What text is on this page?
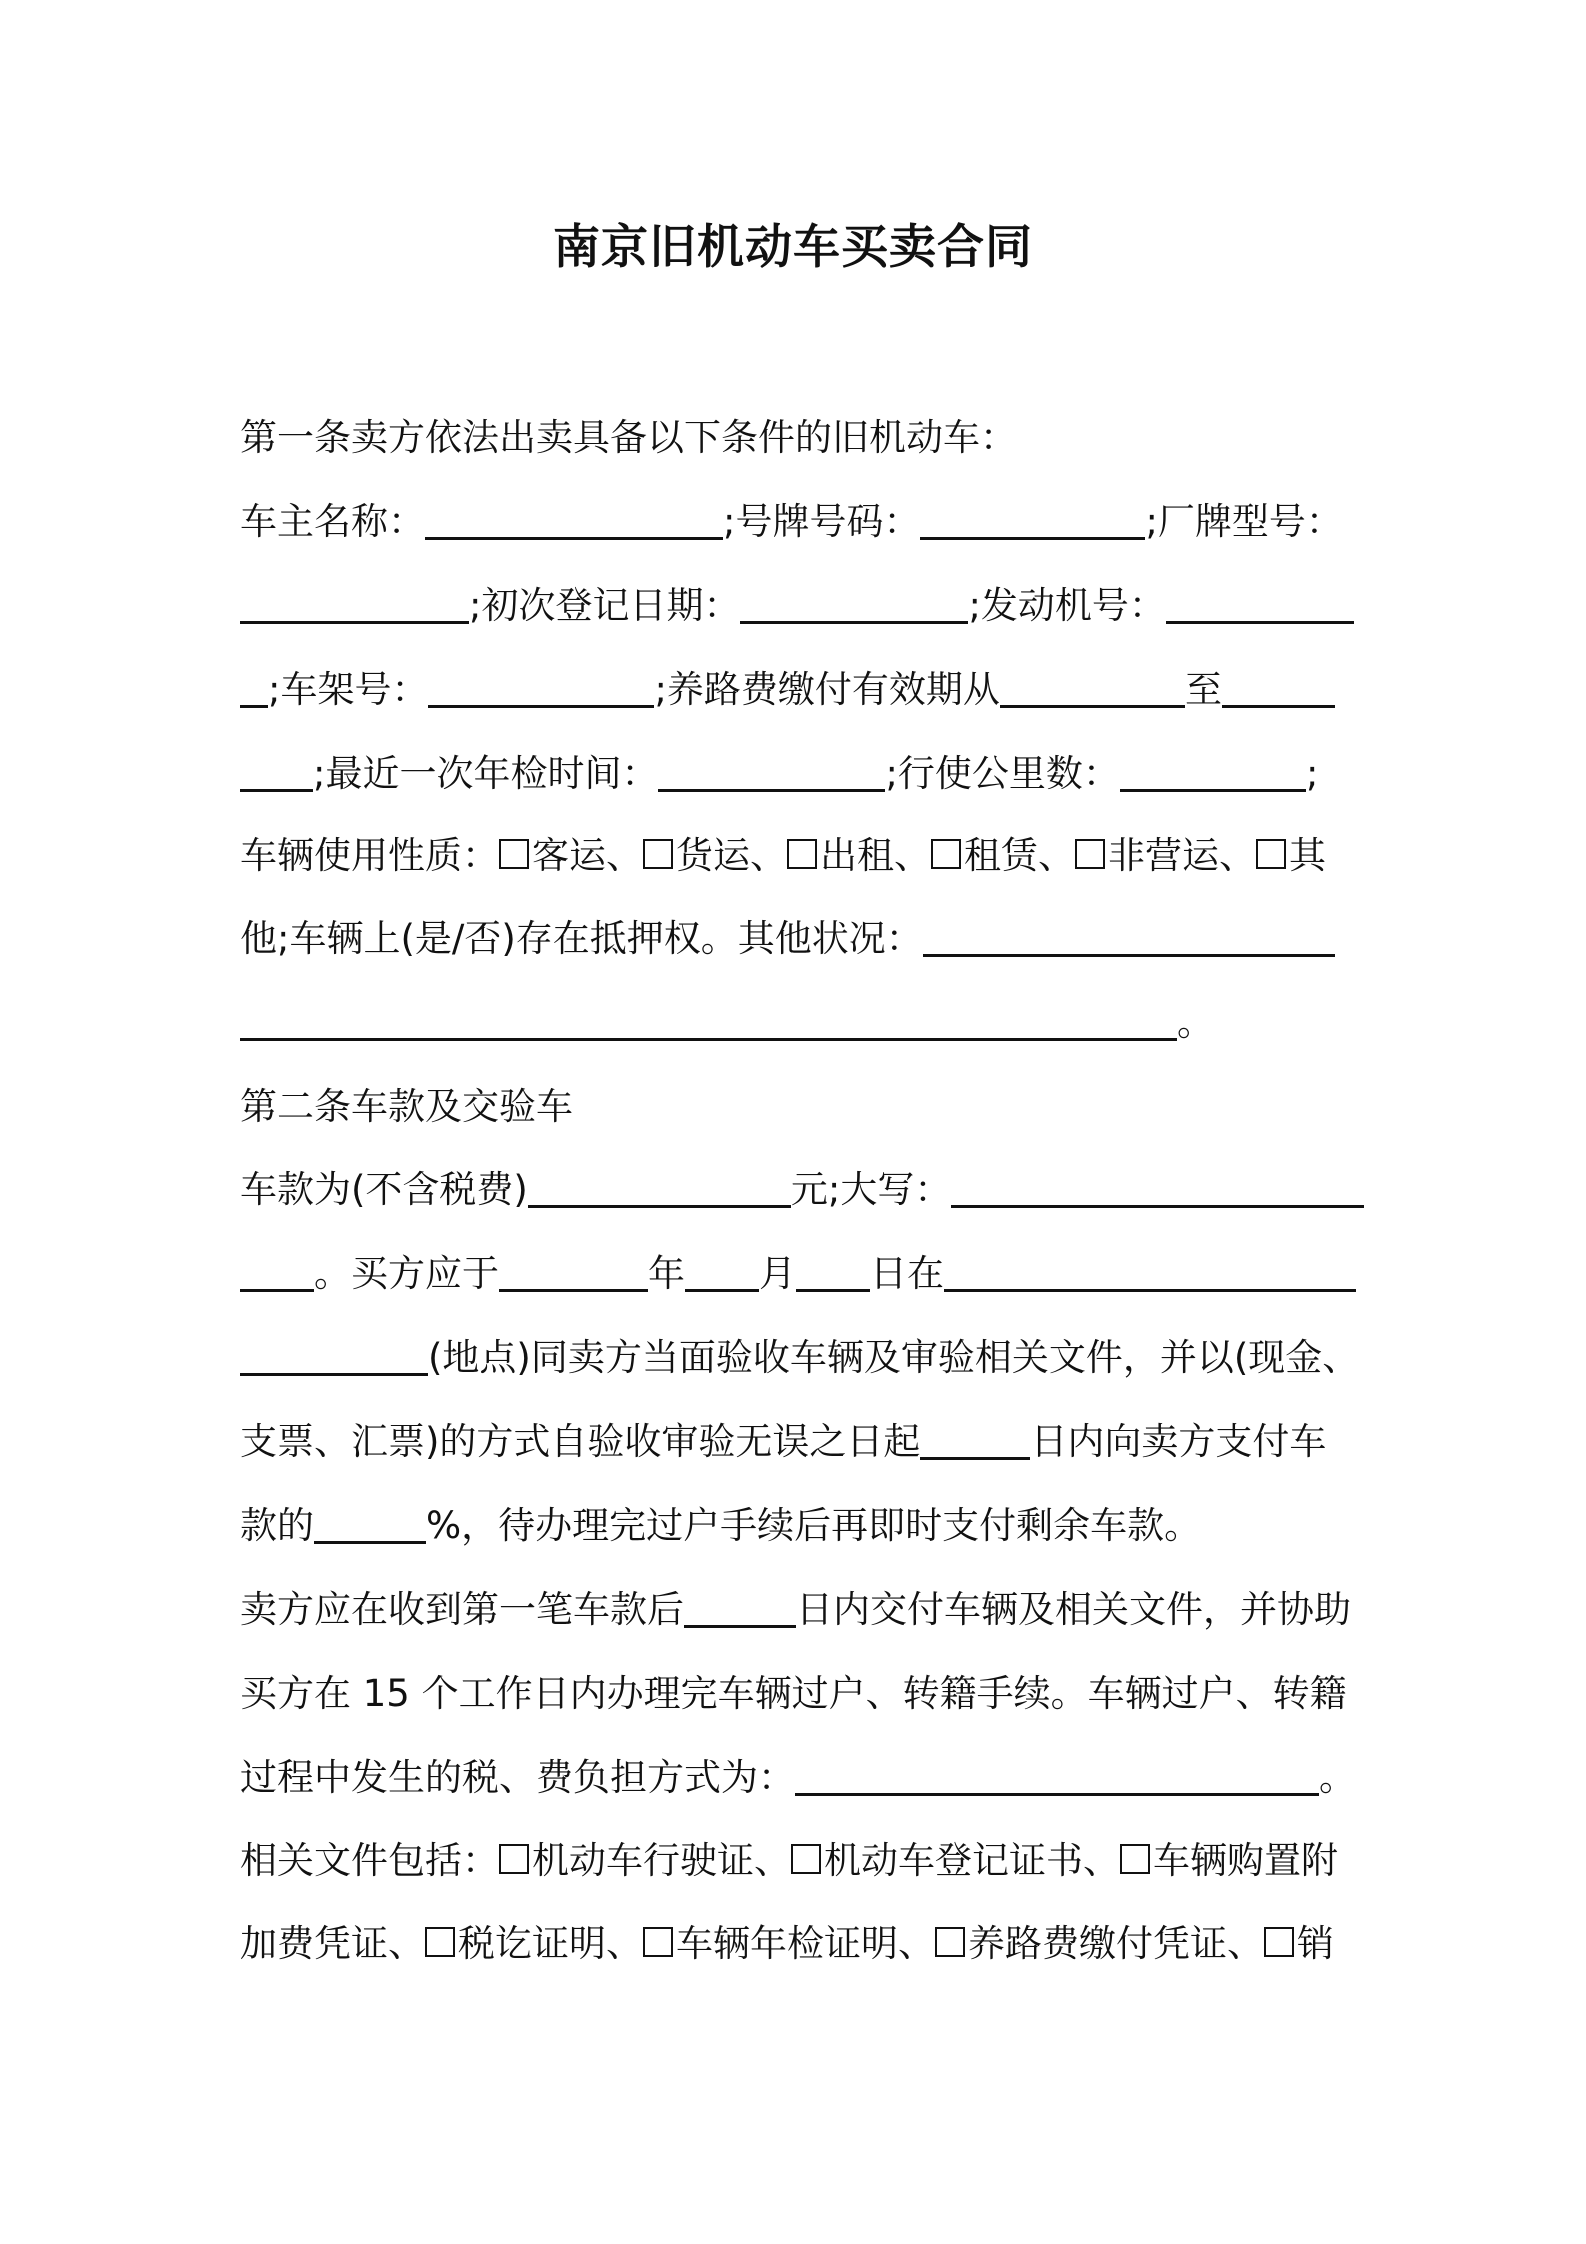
南京旧机动车买卖合同
第一条卖方依法出卖具备以下条件的旧机动车：
车主名称：	;号牌号码：	;厂牌型号：
;初次登记日期：	;发动机号：
;车架号：	;养路费缴付有效期从	至
;最近一次年检时间：	;行使公里数：	;
车辆使用性质： 客运、 货运、 出租、 租赁、 非营运、 其
他;车辆上(是/否)存在抵押权。其他状况：
。
第二条车款及交验车
车款为(不含税费)	元;大写：
。买方应于	年 月 日在
(地点)同卖方当面验收车辆及审验相关文件，并以(现金、
支票、汇票)的方式自验收审验无误之日起	日内向卖方支付车
款的	%，待办理完过户手续后再即时支付剩余车款。
卖方应在收到第一笔车款后	日内交付车辆及相关文件，并协助
买方在 15 个工作日内办理完车辆过户、转籍手续。车辆过户、转籍
过程中发生的税、费负担方式为：	。
相关文件包括： 机动车行驶证、 机动车登记证书、 车辆购置附
加费凭证、 税讫证明、 车辆年检证明、 养路费缴付凭证、 销
